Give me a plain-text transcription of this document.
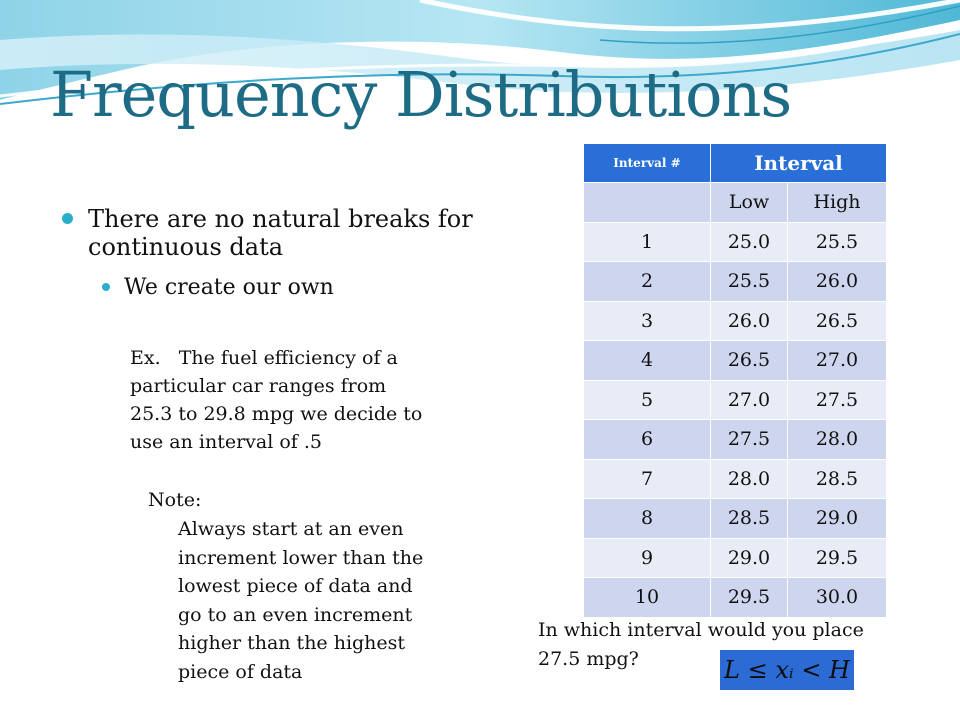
Frequency Distributions
There are no natural breaks for continuous data
We create our own
Ex.   The fuel efficiency of a
particular car ranges from
25.3 to 29.8 mpg we decide to
use an interval of .5
Note:
Always start at an even
increment lower than the
lowest piece of data and
go to an even increment
higher than the highest
piece of data
Interval #	Interval	
	Low	High
1	25.0	25.5
2	25.5	26.0
3	26.0	26.5
4	26.5	27.0
5	27.0	27.5
6	27.5	28.0
7	28.0	28.5
8	28.5	29.0
9	29.0	29.5
10	29.5	30.0
In which interval would you place
27.5 mpg?	L ≤ xᵢ < H
